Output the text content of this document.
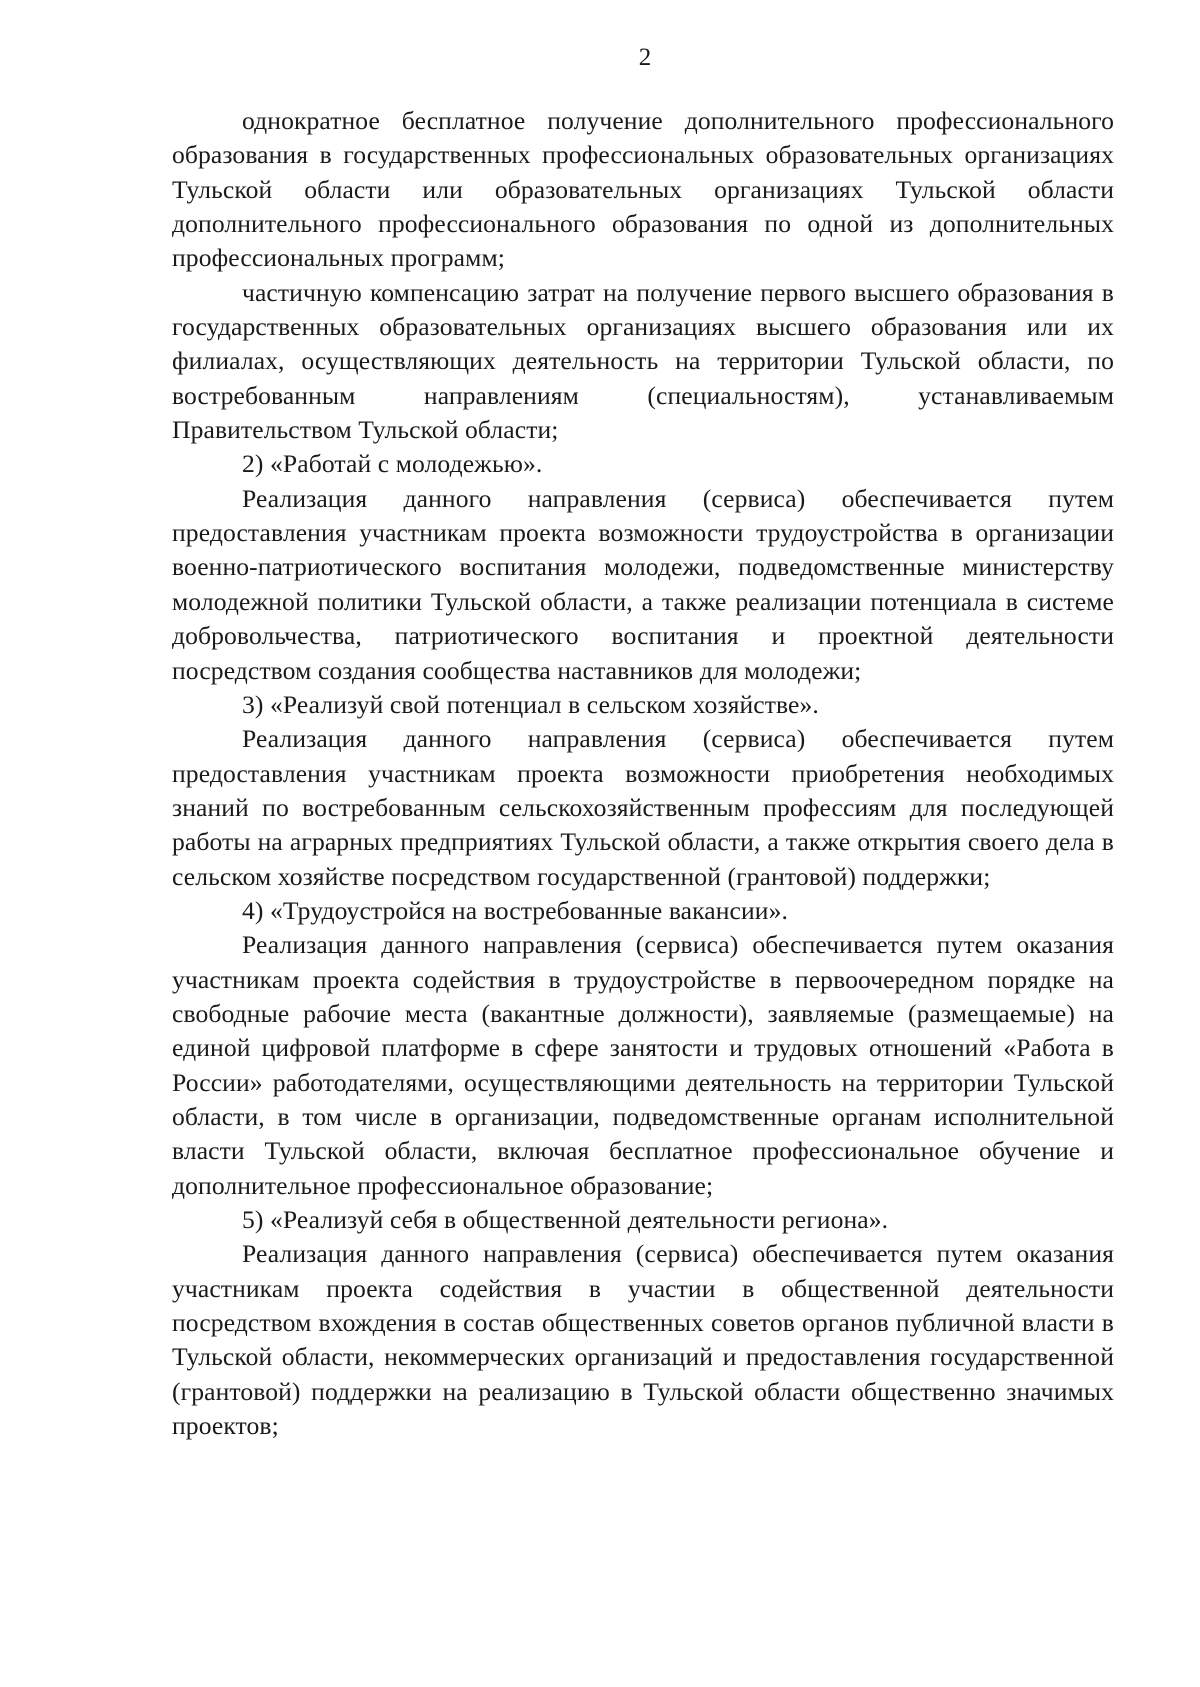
2

однократное бесплатное получение дополнительного профессионального образования в государственных профессиональных образовательных организациях Тульской области или образовательных организациях Тульской области дополнительного профессионального образования по одной из дополнительных профессиональных программ;

частичную компенсацию затрат на получение первого высшего образования в государственных образовательных организациях высшего образования или их филиалах, осуществляющих деятельность на территории Тульской области, по востребованным направлениям (специальностям), устанавливаемым Правительством Тульской области;

2) «Работай с молодежью».

Реализация данного направления (сервиса) обеспечивается путем предоставления участникам проекта возможности трудоустройства в организации военно-патриотического воспитания молодежи, подведомственные министерству молодежной политики Тульской области, а также реализации потенциала в системе добровольчества, патриотического воспитания и проектной деятельности посредством создания сообщества наставников для молодежи;

3) «Реализуй свой потенциал в сельском хозяйстве».

Реализация данного направления (сервиса) обеспечивается путем предоставления участникам проекта возможности приобретения необходимых знаний по востребованным сельскохозяйственным профессиям для последующей работы на аграрных предприятиях Тульской области, а также открытия своего дела в сельском хозяйстве посредством государственной (грантовой) поддержки;

4) «Трудоустройся на востребованные вакансии».

Реализация данного направления (сервиса) обеспечивается путем оказания участникам проекта содействия в трудоустройстве в первоочередном порядке на свободные рабочие места (вакантные должности), заявляемые (размещаемые) на единой цифровой платформе в сфере занятости и трудовых отношений «Работа в России» работодателями, осуществляющими деятельность на территории Тульской области, в том числе в организации, подведомственные органам исполнительной власти Тульской области, включая бесплатное профессиональное обучение и дополнительное профессиональное образование;

5) «Реализуй себя в общественной деятельности региона».

Реализация данного направления (сервиса) обеспечивается путем оказания участникам проекта содействия в участии в общественной деятельности посредством вхождения в состав общественных советов органов публичной власти в Тульской области, некоммерческих организаций и предоставления государственной (грантовой) поддержки на реализацию в Тульской области общественно значимых проектов;
